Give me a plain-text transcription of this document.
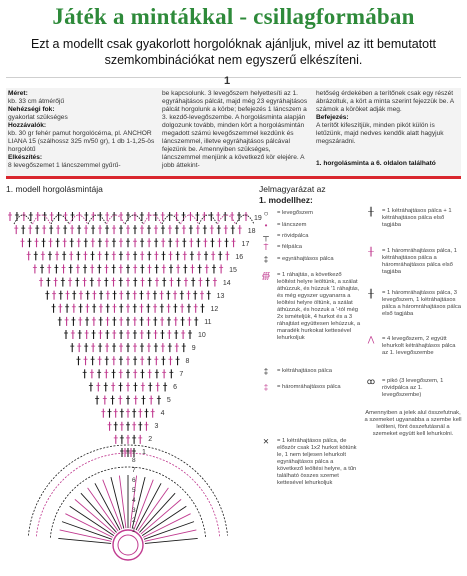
Játék a mintákkal - csillagformában
Ezt a modellt csak gyakorlott horgolóknak ajánljuk, mivel az itt bemutatott szemkombinációkat nem egyszerű elkészíteni.
1
Méret:
kb. 33 cm átmérőjű
Nehézségi fok:
gyakorlat szükséges
Hozzávalók:
kb. 30 gr fehér pamut horgolócérna, pl. ANCHOR LIANA 15 (szálhossz 325 m/50 gr), 1 db 1-1,25-ös horgolótű
Elkészítés:
8 levegőszemet 1 láncszemmel gyűrű-
be kapcsolunk. 3 levegőszem helyettesíti az 1. egyráhajtásos pálcát, majd még 23 egyráhajtásos pálcát horgolunk a körbe; befejezés 1 láncszem a 3. kezdő-levegőszembe. A horgolásminta alapján dolgozunk tovább, minden kört a horgolásmintán megadott számú levegőszemmel kezdünk és láncszemmel, illetve egyráhajtásos pálcával fejezünk be. Amennyiben szükséges, láncszemmel menjünk a következő kör elejére. A jobb áttekint-
hetőség érdekében a terítőnek csak egy részét ábrázoltuk, a kört a minta szerint fejezzük be. A számok a köröket adják meg.
Befejezés:
A terítőt kifeszítjük, minden pikót külön is letűzünk, majd nedves kendők alatt hagyjuk megszáradni.
1. horgolásminta a 6. oldalon található
1. modell horgolásmintája	Jelmagyarázat az
1. modellhez:
19
18
17
16
15
14
13
12
11
10
9
8
7
6
5
4
3
2
1
8
7
6
5
4
3
2
1
○	= levegőszem
•	= láncszem
┬	= rövidpálca
Ṫ	= félpálca
‡	= egyráhajtásos pálca
∰	= 1 ráhajtás, a következő leöltést helyre leöltünk, a szálat áthúzzuk, és húzzuk '1 ráhajtás, és még egyszer ugyanarra a leöltési helyre öltünk, a szálat áthúzzuk, és hozzuk a '-tól még 2x ismételjük, 4 hurkot és a 3 ráhajtást együttesen lehúzzuk, a maradék hurkokat kettesével lehurkoljuk
‡	= kétráhajtásos pálca
‡	= háromráhajtásos pálca
⨯	= 1 kétráhajtásos pálca, de először csak 1x2 hurkot kötünk le, 1 nem teljesen lehurkolt egyráhajtásos pálca a következő leöltési helyre, a tűn található összes szemet kettesével lehurkoljuk
╫	= 1 kétráhajtásos pálca + 1 kétráhajtásos pálca első tagjába
╫	= 1 háromráhajtásos pálca, 1 kétráhajtásos pálca a háromráhajtásos pálca első tagjába
╫	= 1 háromráhajtásos pálca, 3 levegőszem, 1 kétráhajtásos pálca a háromráhajtásos pálca első tagjába
⋀	= 4 levegőszem, 2 együtt lehurkolt kétráhajtásos pálca az 1. levegőszembe
ꝏ	= pikó (3 levegőszem, 1 rövidpálca az 1. levegőszembe)
Amennyiben a jelek alul összefutnak, a szemeket ugyanabba a szembe kell leölteni, fönt összefutásnál a szemeket együtt kell lehurkolni.
